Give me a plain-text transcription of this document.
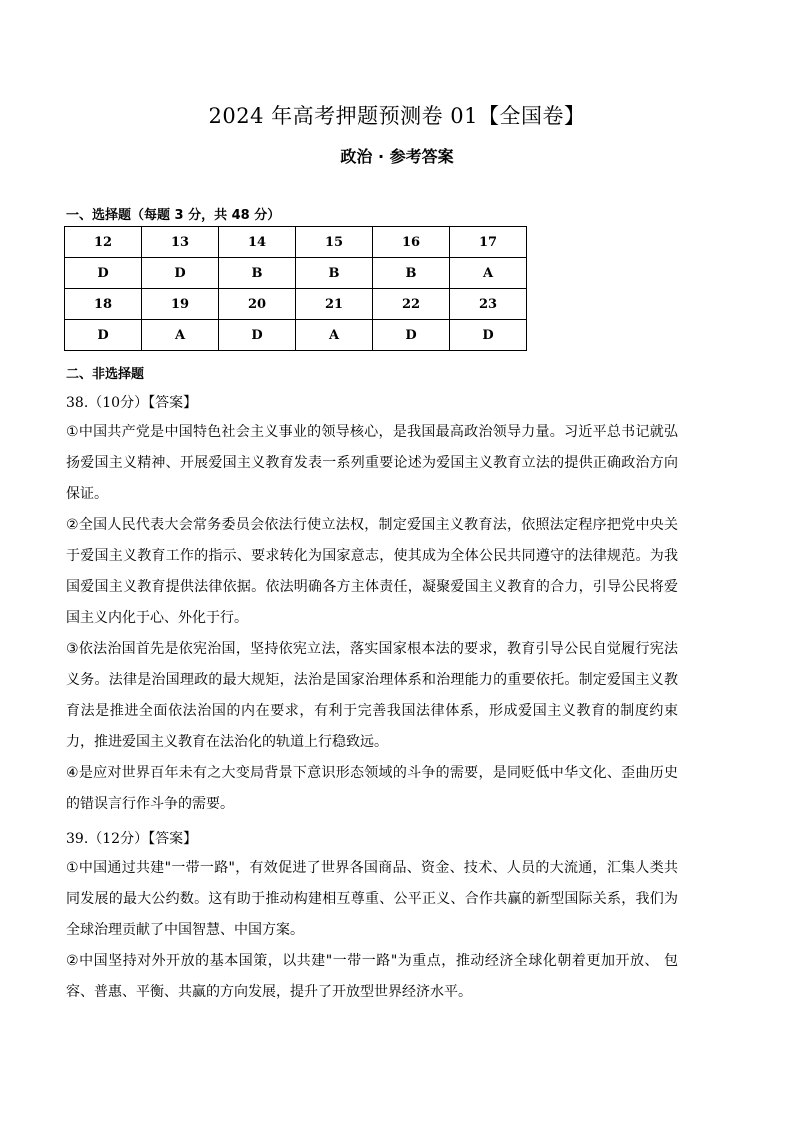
2024 年高考押题预测卷 01【全国卷】
政治 · 参考答案
一、选择题（每题 3 分，共 48 分）
12	13	14	15	16	17
D	D	B	B	B	A
18	19	20	21	22	23
D	A	D	A	D	D
二、非选择题
38.（10分）【答案】
①中国共产党是中国特色社会主义事业的领导核心，是我国最高政治领导力量。习近平总书记就弘扬爱国主义精神、开展爱国主义教育发表一系列重要论述为爱国主义教育立法的提供正确政治方向保证。
②全国人民代表大会常务委员会依法行使立法权，制定爱国主义教育法，依照法定程序把党中央关于爱国主义教育工作的指示、要求转化为国家意志，使其成为全体公民共同遵守的法律规范。为我国爱国主义教育提供法律依据。依法明确各方主体责任，凝聚爱国主义教育的合力，引导公民将爱国主义内化于心、外化于行。
③依法治国首先是依宪治国，坚持依宪立法，落实国家根本法的要求，教育引导公民自觉履行宪法义务。法律是治国理政的最大规矩，法治是国家治理体系和治理能力的重要依托。制定爱国主义教育法是推进全面依法治国的内在要求，有利于完善我国法律体系，形成爱国主义教育的制度约束力，推进爱国主义教育在法治化的轨道上行稳致远。
④是应对世界百年未有之大变局背景下意识形态领域的斗争的需要，是同贬低中华文化、歪曲历史的错误言行作斗争的需要。
39.（12分）【答案】
①中国通过共建"一带一路"，有效促进了世界各国商品、资金、技术、人员的大流通，汇集人类共同发展的最大公约数。这有助于推动构建相互尊重、公平正义、合作共赢的新型国际关系，我们为全球治理贡献了中国智慧、中国方案。
②中国坚持对外开放的基本国策，以共建"一带一路"为重点，推动经济全球化朝着更加开放、 包容、普惠、平衡、共赢的方向发展，提升了开放型世界经济水平。
